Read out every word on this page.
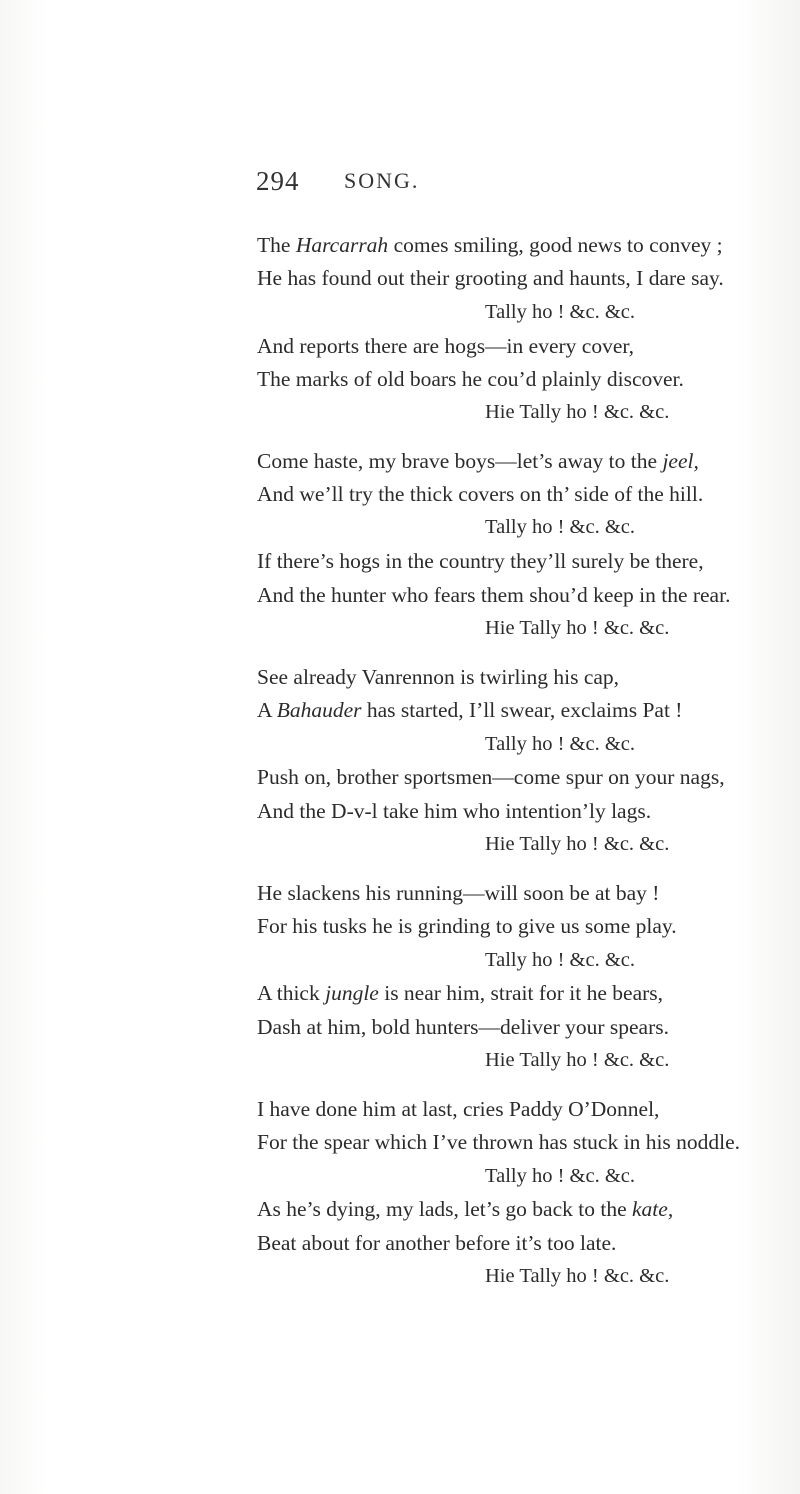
294 SONG.
The Harcarrah comes smiling, good news to convey ;
He has found out their grooting and haunts, I dare say.
Tally ho ! &c. &c.
And reports there are hogs—in every cover,
The marks of old boars he cou’d plainly discover.
Hie Tally ho ! &c. &c.
Come haste, my brave boys—let’s away to the jeel,
And we’ll try the thick covers on th’ side of the hill.
Tally ho ! &c. &c.
If there’s hogs in the country they’ll surely be there,
And the hunter who fears them shou’d keep in the rear.
Hie Tally ho ! &c. &c.
See already Vanrennon is twirling his cap,
A Bahauder has started, I’ll swear, exclaims Pat !
Tally ho ! &c. &c.
Push on, brother sportsmen—come spur on your nags,
And the D-v-l take him who intention’ly lags.
Hie Tally ho ! &c. &c.
He slackens his running—will soon be at bay !
For his tusks he is grinding to give us some play.
Tally ho ! &c. &c.
A thick jungle is near him, strait for it he bears,
Dash at him, bold hunters—deliver your spears.
Hie Tally ho ! &c. &c.
I have done him at last, cries Paddy O’Donnel,
For the spear which I’ve thrown has stuck in his noddle.
Tally ho ! &c. &c.
As he’s dying, my lads, let’s go back to the kate,
Beat about for another before it’s too late.
Hie Tally ho ! &c. &c.
